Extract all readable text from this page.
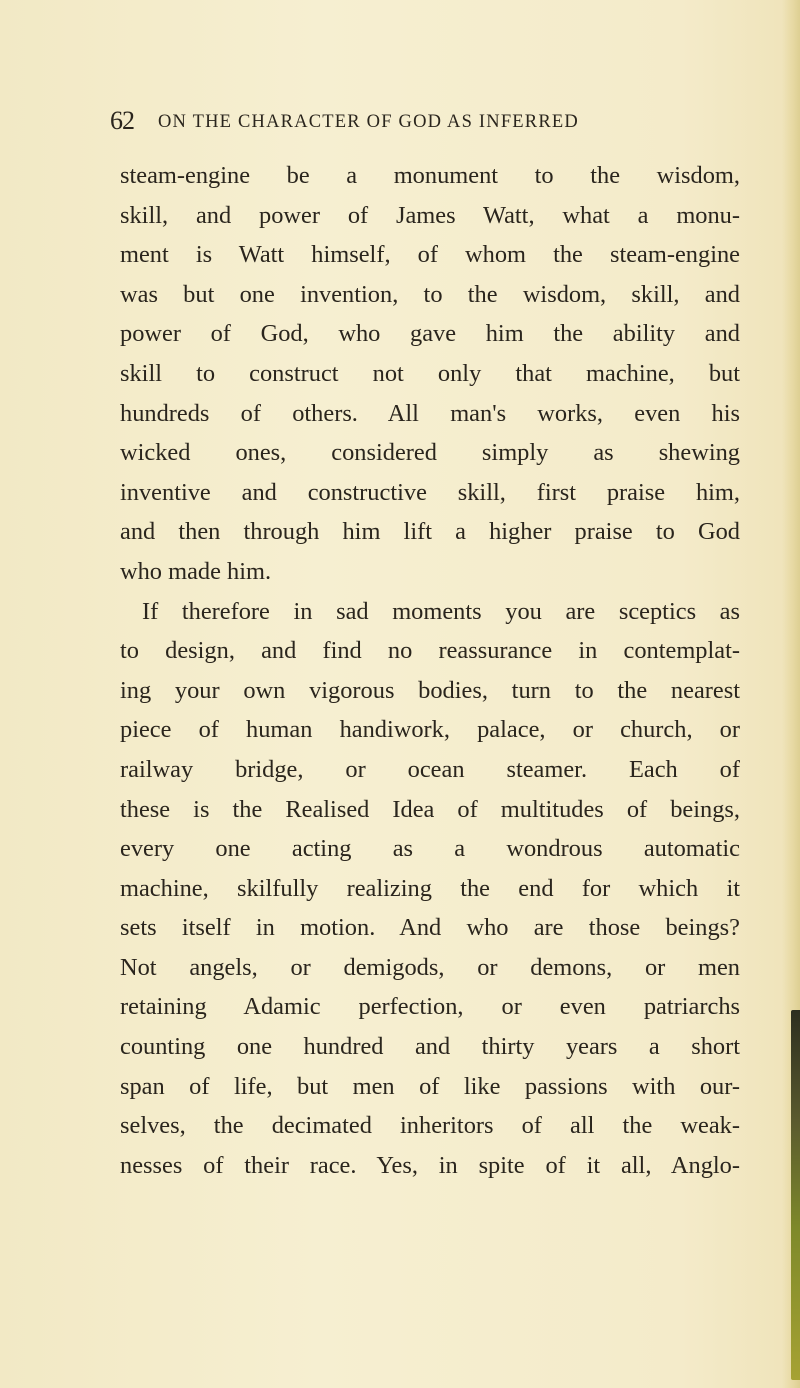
62 ON THE CHARACTER OF GOD AS INFERRED
steam-engine be a monument to the wisdom,
skill, and power of James Watt, what a monu-
ment is Watt himself, of whom the steam-engine
was but one invention, to the wisdom, skill, and
power of God, who gave him the ability and
skill to construct not only that machine, but
hundreds of others. All man's works, even his
wicked ones, considered simply as shewing
inventive and constructive skill, first praise him,
and then through him lift a higher praise to God
who made him.
If therefore in sad moments you are sceptics as
to design, and find no reassurance in contemplat-
ing your own vigorous bodies, turn to the nearest
piece of human handiwork, palace, or church, or
railway bridge, or ocean steamer. Each of
these is the Realised Idea of multitudes of beings,
every one acting as a wondrous automatic
machine, skilfully realizing the end for which it
sets itself in motion. And who are those beings?
Not angels, or demigods, or demons, or men
retaining Adamic perfection, or even patriarchs
counting one hundred and thirty years a short
span of life, but men of like passions with our-
selves, the decimated inheritors of all the weak-
nesses of their race. Yes, in spite of it all, Anglo-
